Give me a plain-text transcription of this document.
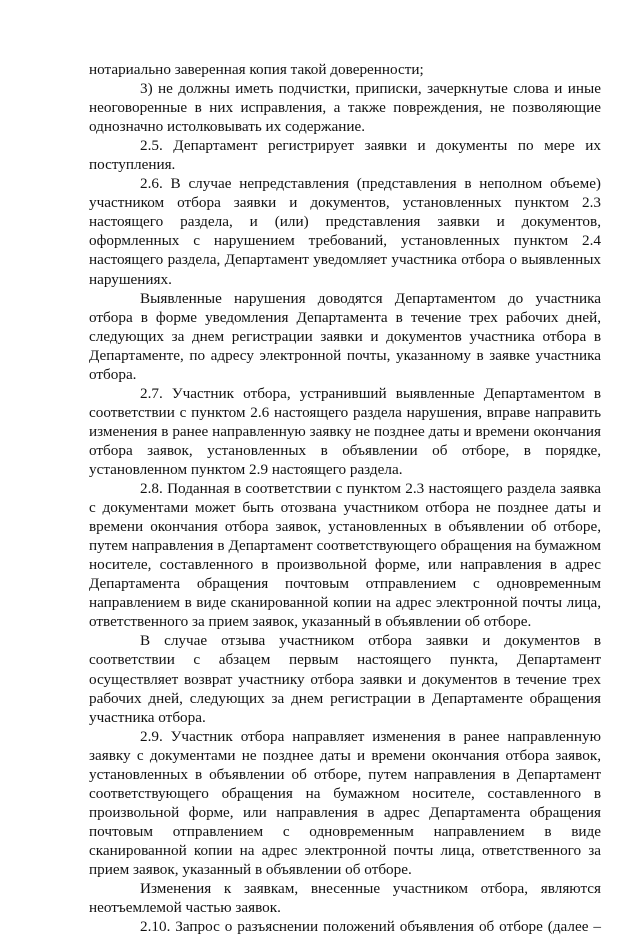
нотариально заверенная копия такой доверенности;

3) не должны иметь подчистки, приписки, зачеркнутые слова и иные неоговоренные в них исправления, а также повреждения, не позволяющие однозначно истолковывать их содержание.

2.5. Департамент регистрирует заявки и документы по мере их поступления.

2.6. В случае непредставления (представления в неполном объеме) участником отбора заявки и документов, установленных пунктом 2.3 настоящего раздела, и (или) представления заявки и документов, оформленных с нарушением требований, установленных пунктом 2.4 настоящего раздела, Департамент уведомляет участника отбора о выявленных нарушениях.

Выявленные нарушения доводятся Департаментом до участника отбора в форме уведомления Департамента в течение трех рабочих дней, следующих за днем регистрации заявки и документов участника отбора в Департаменте, по адресу электронной почты, указанному в заявке участника отбора.

2.7. Участник отбора, устранивший выявленные Департаментом в соответствии с пунктом 2.6 настоящего раздела нарушения, вправе направить изменения в ранее направленную заявку не позднее даты и времени окончания отбора заявок, установленных в объявлении об отборе, в порядке, установленном пунктом 2.9 настоящего раздела.

2.8. Поданная в соответствии с пунктом 2.3 настоящего раздела заявка с документами может быть отозвана участником отбора не позднее даты и времени окончания отбора заявок, установленных в объявлении об отборе, путем направления в Департамент соответствующего обращения на бумажном носителе, составленного в произвольной форме, или направления в адрес Департамента обращения почтовым отправлением с одновременным направлением в виде сканированной копии на адрес электронной почты лица, ответственного за прием заявок, указанный в объявлении об отборе.

В случае отзыва участником отбора заявки и документов в соответствии с абзацем первым настоящего пункта, Департамент осуществляет возврат участнику отбора заявки и документов в течение трех рабочих дней, следующих за днем регистрации в Департаменте обращения участника отбора.

2.9. Участник отбора направляет изменения в ранее направленную заявку с документами не позднее даты и времени окончания отбора заявок, установленных в объявлении об отборе, путем направления в Департамент соответствующего обращения на бумажном носителе, составленного в произвольной форме, или направления в адрес Департамента обращения почтовым отправлением с одновременным направлением в виде сканированной копии на адрес электронной почты лица, ответственного за прием заявок, указанный в объявлении об отборе.

Изменения к заявкам, внесенные участником отбора, являются неотъемлемой частью заявок.

2.10. Запрос о разъяснении положений объявления об отборе (далее –
